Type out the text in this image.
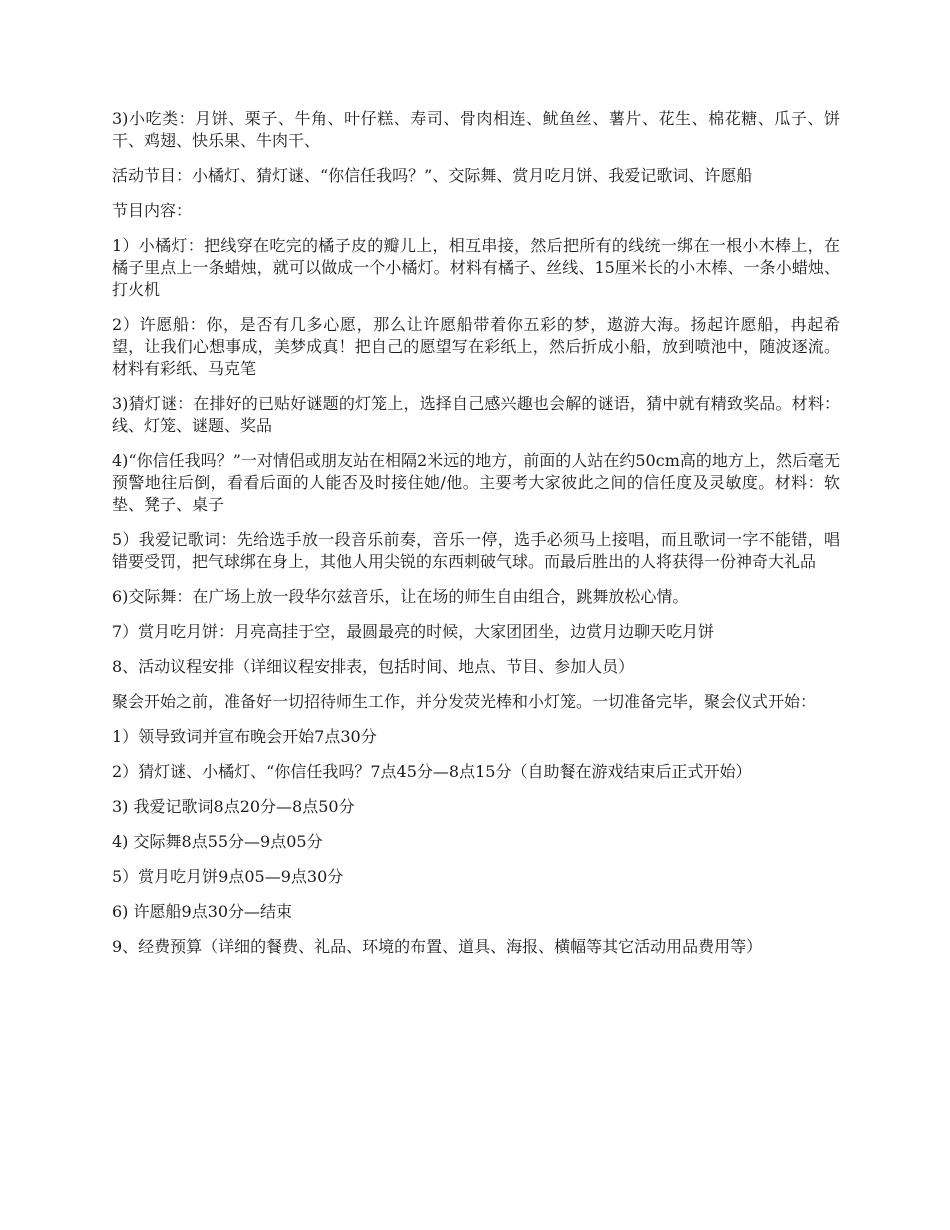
3)小吃类：月饼、栗子、牛角、叶仔糕、寿司、骨肉相连、鱿鱼丝、薯片、花生、棉花糖、瓜子、饼干、鸡翅、快乐果、牛肉干、

活动节目：小橘灯、猜灯谜、“你信任我吗？”、交际舞、赏月吃月饼、我爱记歌词、许愿船

节目内容：

1）小橘灯：把线穿在吃完的橘子皮的瓣儿上，相互串接，然后把所有的线统一绑在一根小木棒上，在橘子里点上一条蜡烛，就可以做成一个小橘灯。材料有橘子、丝线、15厘米长的小木棒、一条小蜡烛、打火机

2）许愿船：你，是否有几多心愿，那么让许愿船带着你五彩的梦，遨游大海。扬起许愿船，冉起希望，让我们心想事成，美梦成真！把自己的愿望写在彩纸上，然后折成小船，放到喷池中，随波逐流。材料有彩纸、马克笔

3)猜灯谜：在排好的已贴好谜题的灯笼上，选择自己感兴趣也会解的谜语，猜中就有精致奖品。材料：线、灯笼、谜题、奖品

4)“你信任我吗？”一对情侣或朋友站在相隔2米远的地方，前面的人站在约50cm高的地方上，然后毫无预警地往后倒，看看后面的人能否及时接住她/他。主要考大家彼此之间的信任度及灵敏度。材料：软垫、凳子、桌子

5）我爱记歌词：先给选手放一段音乐前奏，音乐一停，选手必须马上接唱，而且歌词一字不能错，唱错要受罚，把气球绑在身上，其他人用尖锐的东西刺破气球。而最后胜出的人将获得一份神奇大礼品

6)交际舞：在广场上放一段华尔兹音乐，让在场的师生自由组合，跳舞放松心情。

7）赏月吃月饼：月亮高挂于空，最圆最亮的时候，大家团团坐，边赏月边聊天吃月饼

8、活动议程安排（详细议程安排表，包括时间、地点、节目、参加人员）

聚会开始之前，准备好一切招待师生工作，并分发荧光棒和小灯笼。一切准备完毕，聚会仪式开始：

1）领导致词并宣布晚会开始7点30分

2）猜灯谜、小橘灯、“你信任我吗？7点45分—8点15分（自助餐在游戏结束后正式开始）

3) 我爱记歌词8点20分—8点50分

4) 交际舞8点55分—9点05分

5）赏月吃月饼9点05—9点30分

6) 许愿船9点30分—结束

9、经费预算（详细的餐费、礼品、环境的布置、道具、海报、横幅等其它活动用品费用等）
